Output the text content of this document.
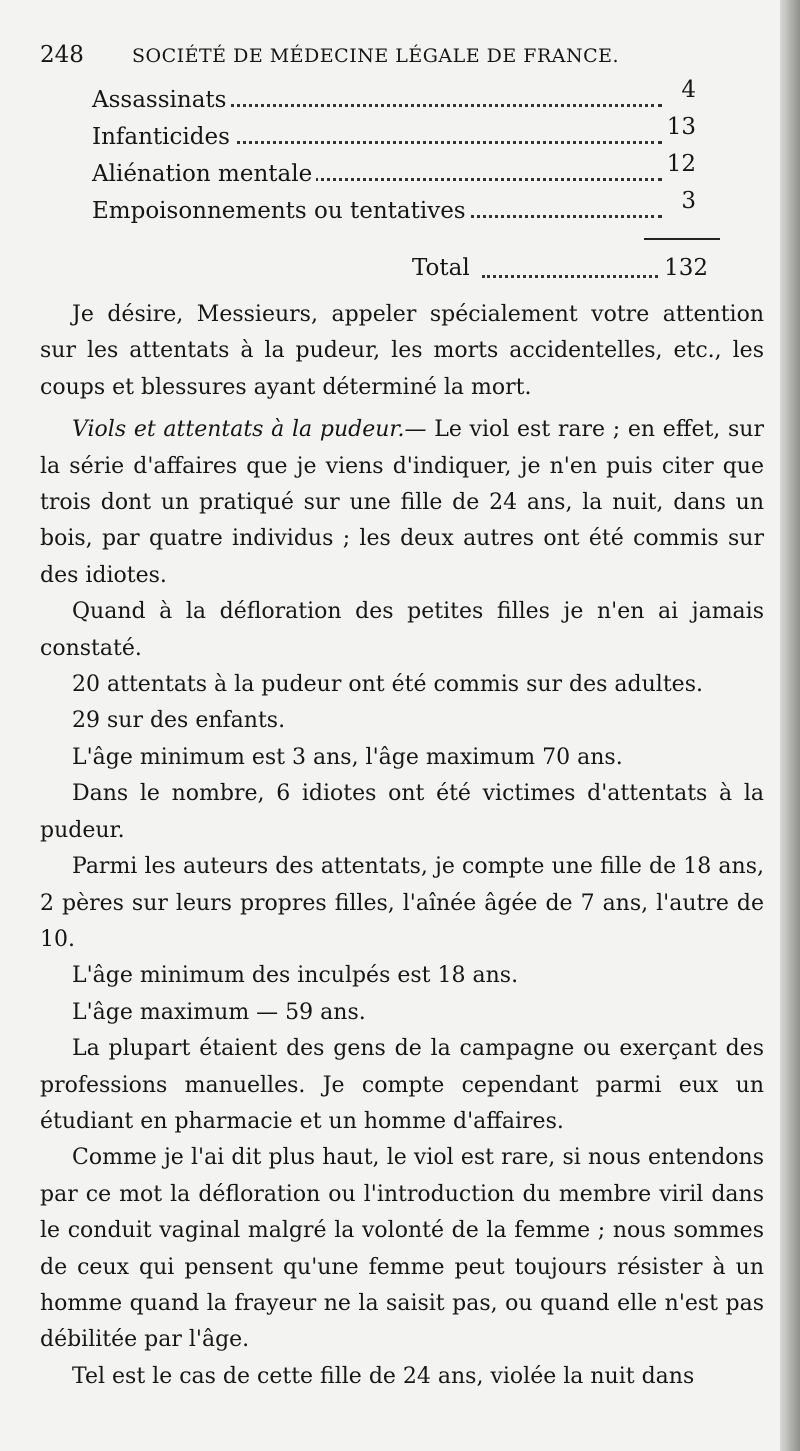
248	SOCIÉTÉ DE MÉDECINE LÉGALE DE FRANCE.
Assassinats	4
Infanticides	13
Aliénation mentale	12
Empoisonnements ou tentatives	3
Total	132

Je désire, Messieurs, appeler spécialement votre attention sur les attentats à la pudeur, les morts accidentelles, etc., les coups et blessures ayant déterminé la mort.

Viols et attentats à la pudeur.— Le viol est rare ; en effet, sur la série d'affaires que je viens d'indiquer, je n'en puis citer que trois dont un pratiqué sur une fille de 24 ans, la nuit, dans un bois, par quatre individus ; les deux autres ont été commis sur des idiotes.

Quand à la défloration des petites filles je n'en ai jamais constaté.

20 attentats à la pudeur ont été commis sur des adultes.

29 sur des enfants.

L'âge minimum est 3 ans, l'âge maximum 70 ans.

Dans le nombre, 6 idiotes ont été victimes d'attentats à la pudeur.

Parmi les auteurs des attentats, je compte une fille de 18 ans, 2 pères sur leurs propres filles, l'aînée âgée de 7 ans, l'autre de 10.

L'âge minimum des inculpés est 18 ans.

L'âge maximum — 59 ans.

La plupart étaient des gens de la campagne ou exerçant des professions manuelles. Je compte cependant parmi eux un étudiant en pharmacie et un homme d'affaires.

Comme je l'ai dit plus haut, le viol est rare, si nous entendons par ce mot la défloration ou l'introduction du membre viril dans le conduit vaginal malgré la volonté de la femme ; nous sommes de ceux qui pensent qu'une femme peut toujours résister à un homme quand la frayeur ne la saisit pas, ou quand elle n'est pas débilitée par l'âge.

Tel est le cas de cette fille de 24 ans, violée la nuit dans
